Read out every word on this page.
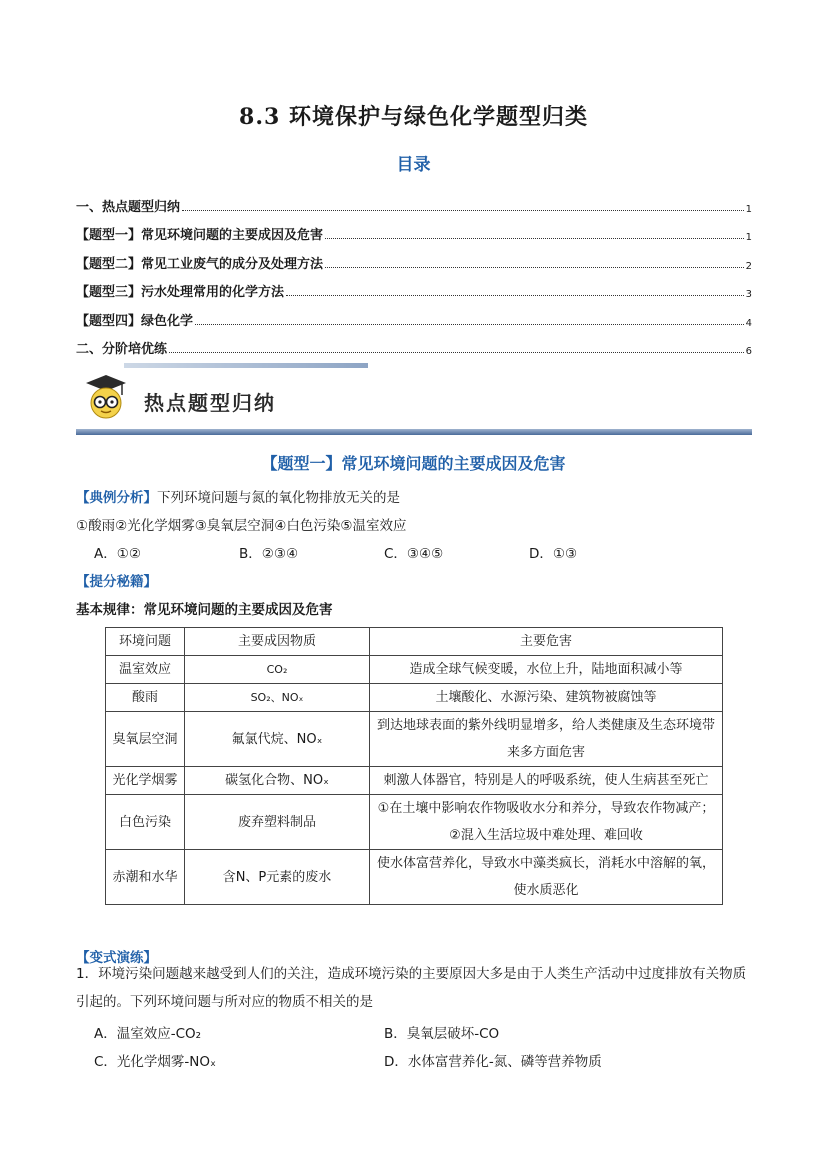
8.3 环境保护与绿色化学题型归类
目录
一、热点题型归纳	1
【题型一】常见环境问题的主要成因及危害	1
【题型二】常见工业废气的成分及处理方法	2
【题型三】污水处理常用的化学方法	3
【题型四】绿色化学	4
二、分阶培优练	6
热点题型归纳
【题型一】常见环境问题的主要成因及危害
【典例分析】下列环境问题与氮的氧化物排放无关的是
①酸雨②光化学烟雾③臭氧层空洞④白色污染⑤温室效应
A．①②	B．②③④	C．③④⑤	D．①③
【提分秘籍】
基本规律：常见环境问题的主要成因及危害
环境问题	主要成因物质	主要危害
温室效应	CO₂	造成全球气候变暖，水位上升，陆地面积减小等
酸雨	SO₂、NOₓ	土壤酸化、水源污染、建筑物被腐蚀等
臭氧层空洞	氟氯代烷、NOₓ	到达地球表面的紫外线明显增多，给人类健康及生态环境带来多方面危害
光化学烟雾	碳氢化合物、NOₓ	刺激人体器官，特别是人的呼吸系统，使人生病甚至死亡
白色污染	废弃塑料制品	①在土壤中影响农作物吸收水分和养分，导致农作物减产；②混入生活垃圾中难处理、难回收
赤潮和水华	含N、P元素的废水	使水体富营养化，导致水中藻类疯长，消耗水中溶解的氧，使水质恶化
【变式演练】
1．环境污染问题越来越受到人们的关注，造成环境污染的主要原因大多是由于人类生产活动中过度排放有关物质引起的。下列环境问题与所对应的物质不相关的是
A．温室效应-CO₂	B．臭氧层破坏-CO
C．光化学烟雾-NOₓ	D．水体富营养化-氮、磷等营养物质
